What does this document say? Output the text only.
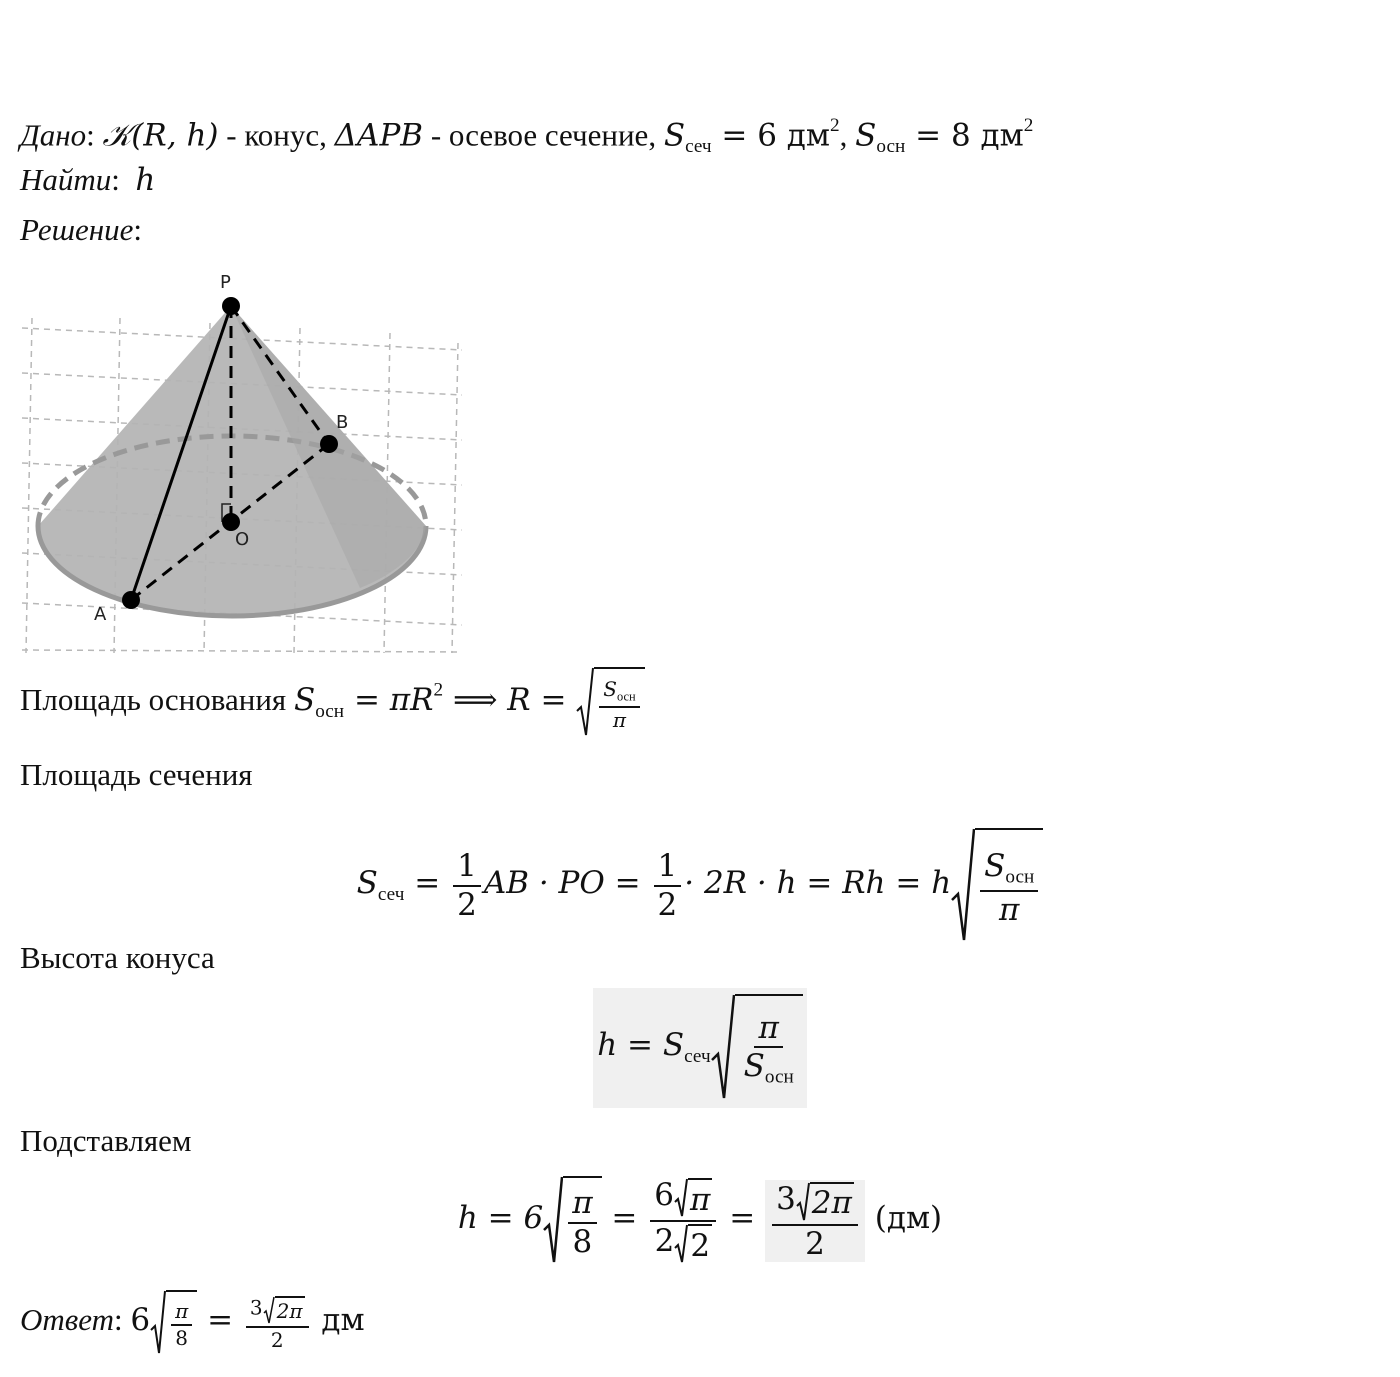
Дано: 𝒦(R, h) - конус, ΔAPB - осевое сечение, $S_{сеч} = 6$ $дм^2$, $S_{осн} = 8$ $дм^2$
Найти:  h
Решение:
P
B
O
A
Площадь основания $S_{осн} = \pi R^2$ ⟹ $R = \frac{S_{осн}}{\pi}$
Площадь сечения
$S_{сеч} = \frac{1}{2}$ AB · PO = $\frac{1}{2} \cdot 2R \cdot h = Rh = h \frac{S_{осн}}{\pi}$
Высота конуса
$h = S_{сеч} \frac{\pi}{S_{осн}}$
Подставляем
$h = 6 \frac{\pi}{8} = \frac{6 \pi}{2 2} = \frac{3 2\pi}{2} (дм)$
Ответ: $6 \frac{\pi}{8} = \frac{3 2\pi}{2}$ дм
